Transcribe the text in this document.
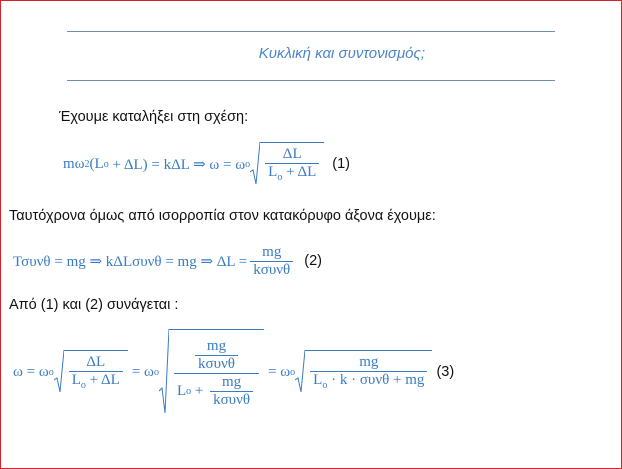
Κυκλική και συντονισμός;
Έχουμε καταλήξει στη σχέση:
mω 2 (L ο + ΔL) = kΔL ⇒ ω = ω ο $\frac{\Delta L}{L_o + \Delta L} (1)$
Ταυτόχρονα όμως από ισορροπία στον κατακόρυφο άξονα έχουμε:
Τσυνθ = mg ⇒ kΔLσυνθ = mg ⇒ $\Delta L = \frac{mg}{\text{kσυνθ}} (2)$
Από (1) και (2) συνάγεται :
ω = ω ο $\frac{\Delta L}{L_o + \Delta L} = \omega$ ο $\frac{\frac{mg}{\text{kσυνθ}}}{L o + \frac{mg}{\text{kσυνθ}}} = \omega$ ο $\frac{mg}{L_o \cdot k \cdot \sigma\upsilon\nu\theta + mg} (3)$
